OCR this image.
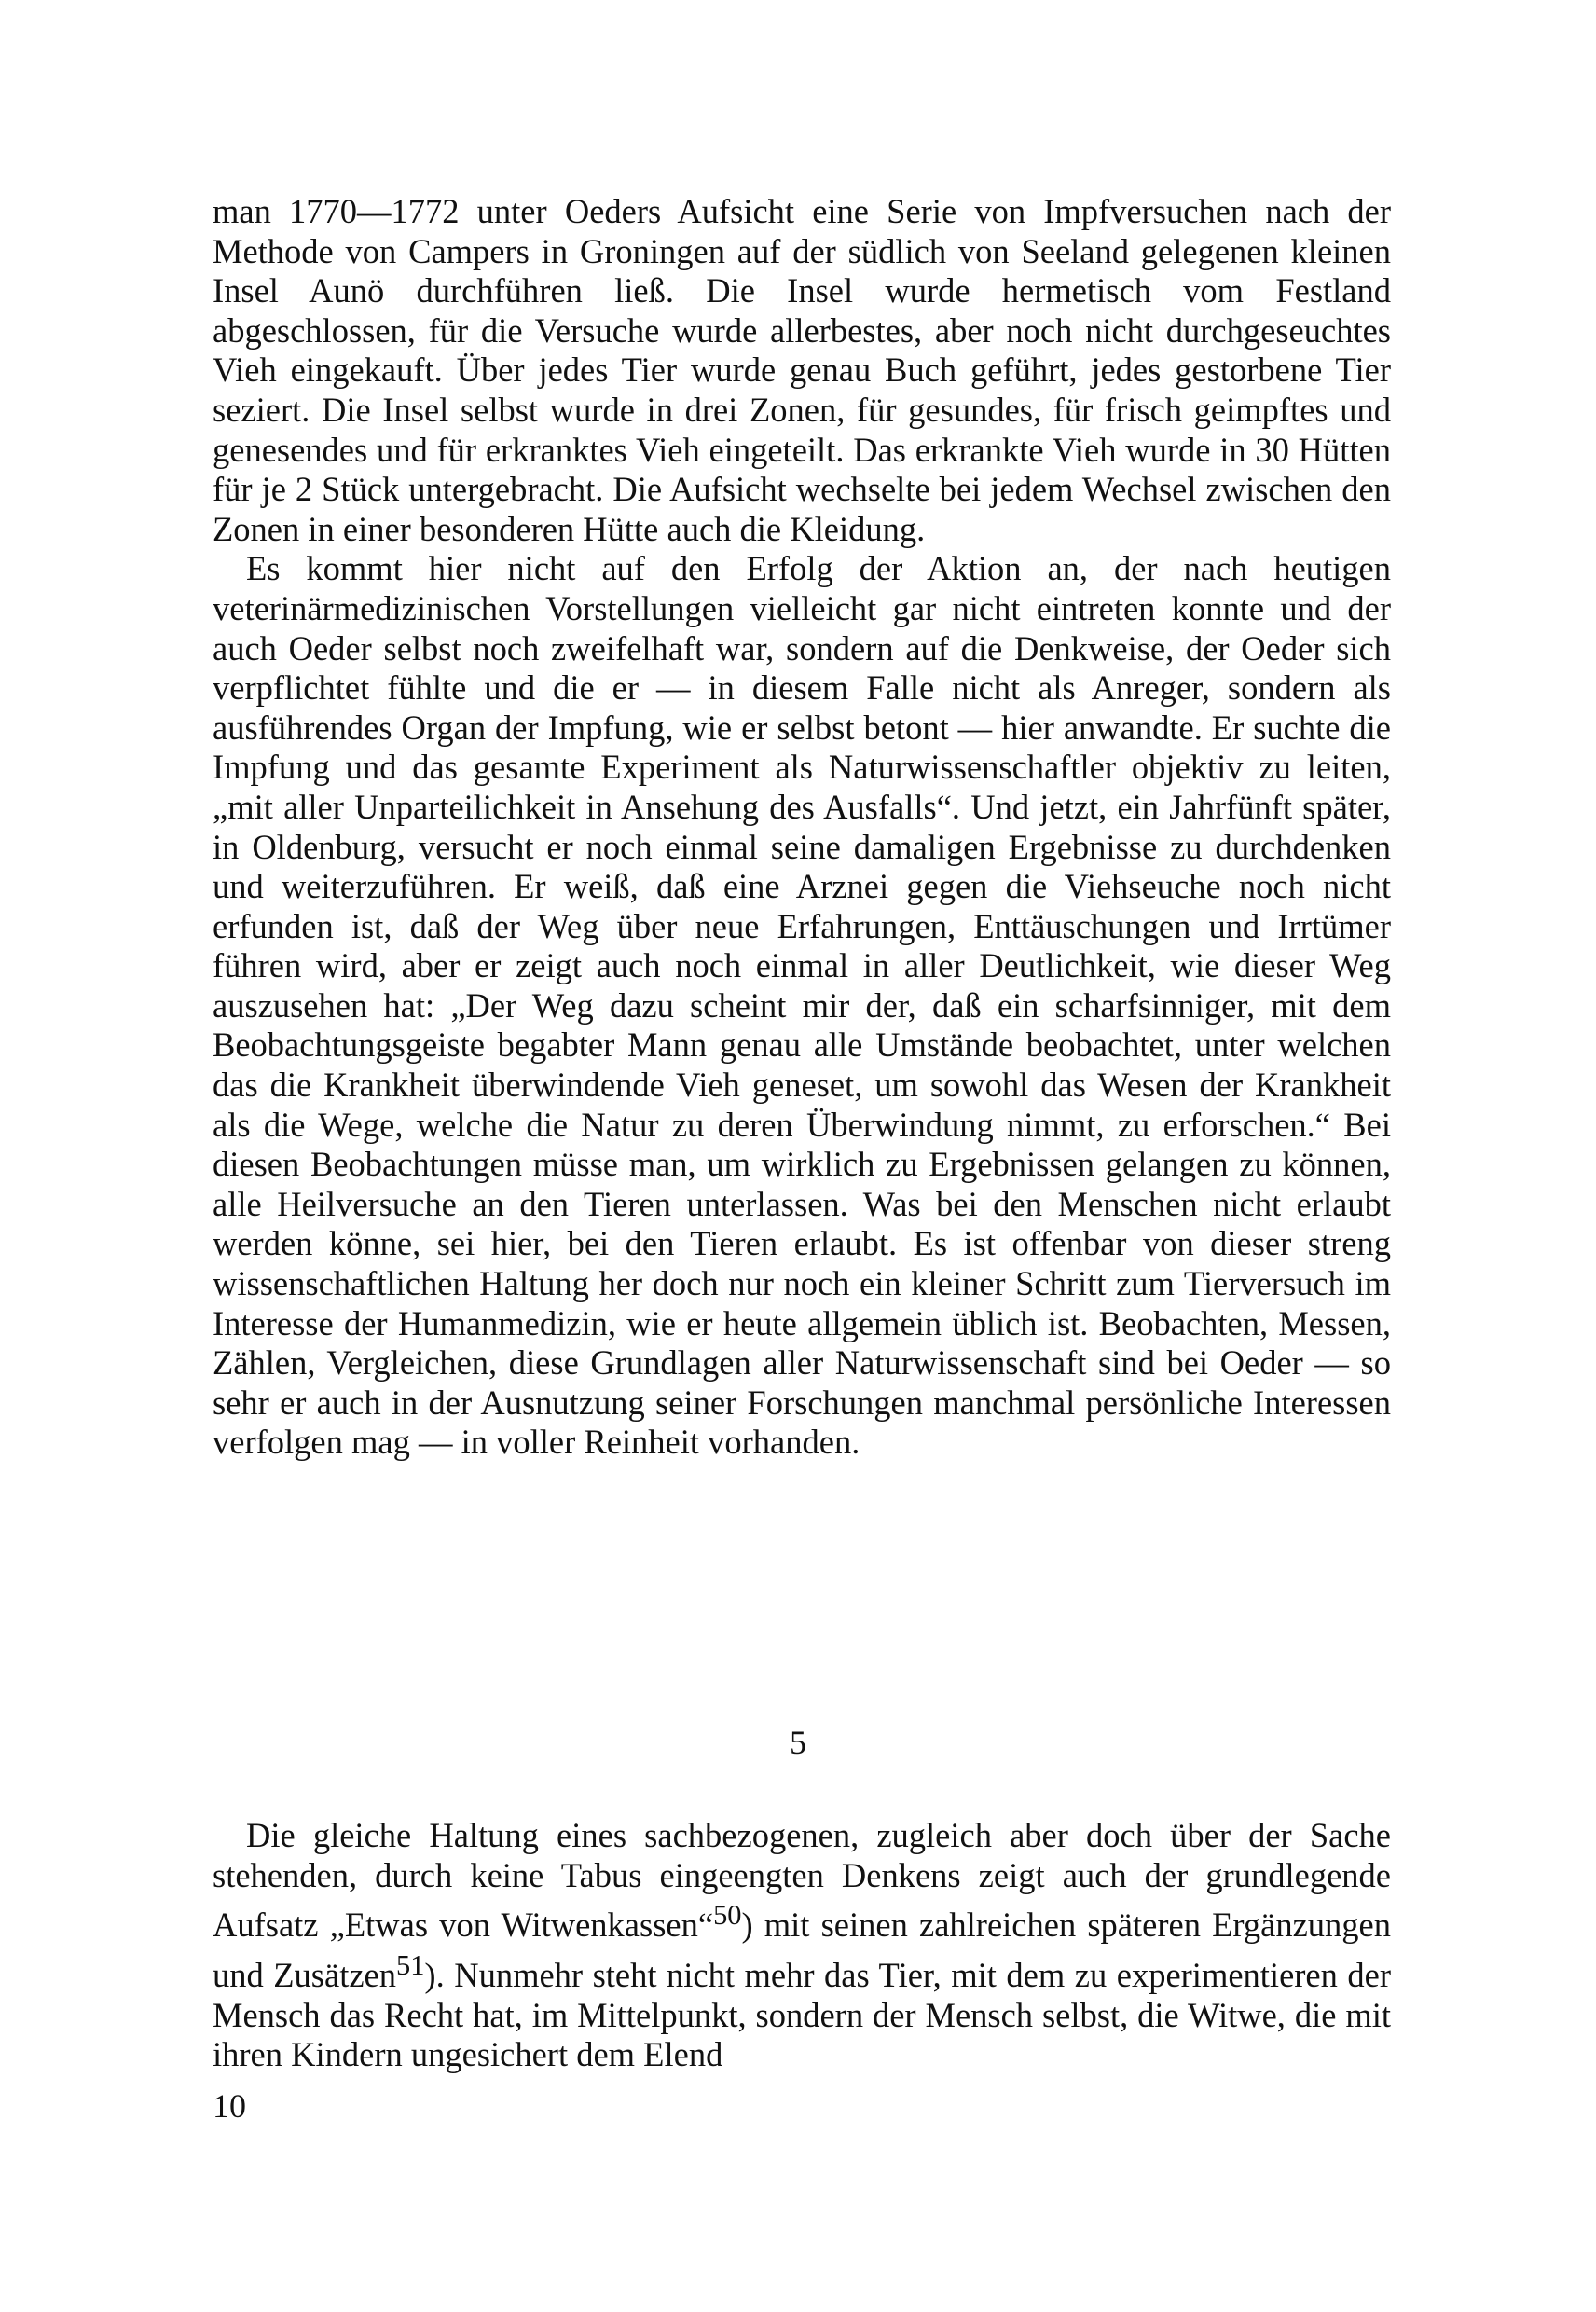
man 1770—1772 unter Oeders Aufsicht eine Serie von Impfversuchen nach der Methode von Campers in Groningen auf der südlich von Seeland gelegenen kleinen Insel Aunö durchführen ließ. Die Insel wurde hermetisch vom Festland abgeschlossen, für die Versuche wurde allerbestes, aber noch nicht durchgeseuchtes Vieh eingekauft. Über jedes Tier wurde genau Buch geführt, jedes gestorbene Tier seziert. Die Insel selbst wurde in drei Zonen, für gesundes, für frisch geimpftes und genesendes und für erkranktes Vieh eingeteilt. Das erkrankte Vieh wurde in 30 Hütten für je 2 Stück untergebracht. Die Aufsicht wechselte bei jedem Wechsel zwischen den Zonen in einer besonderen Hütte auch die Kleidung.

Es kommt hier nicht auf den Erfolg der Aktion an, der nach heutigen veterinärmedizinischen Vorstellungen vielleicht gar nicht eintreten konnte und der auch Oeder selbst noch zweifelhaft war, sondern auf die Denkweise, der Oeder sich verpflichtet fühlte und die er — in diesem Falle nicht als Anreger, sondern als ausführendes Organ der Impfung, wie er selbst betont — hier anwandte. Er suchte die Impfung und das gesamte Experiment als Naturwissenschaftler objektiv zu leiten, „mit aller Unparteilichkeit in Ansehung des Ausfalls“. Und jetzt, ein Jahrfünft später, in Oldenburg, versucht er noch einmal seine damaligen Ergebnisse zu durchdenken und weiterzuführen. Er weiß, daß eine Arznei gegen die Viehseuche noch nicht erfunden ist, daß der Weg über neue Erfahrungen, Enttäuschungen und Irrtümer führen wird, aber er zeigt auch noch einmal in aller Deutlichkeit, wie dieser Weg auszusehen hat: „Der Weg dazu scheint mir der, daß ein scharfsinniger, mit dem Beobachtungsgeiste begabter Mann genau alle Umstände beobachtet, unter welchen das die Krankheit überwindende Vieh geneset, um sowohl das Wesen der Krankheit als die Wege, welche die Natur zu deren Überwindung nimmt, zu erforschen.“ Bei diesen Beobachtungen müsse man, um wirklich zu Ergebnissen gelangen zu können, alle Heilversuche an den Tieren unterlassen. Was bei den Menschen nicht erlaubt werden könne, sei hier, bei den Tieren erlaubt. Es ist offenbar von dieser streng wissenschaftlichen Haltung her doch nur noch ein kleiner Schritt zum Tierversuch im Interesse der Humanmedizin, wie er heute allgemein üblich ist. Beobachten, Messen, Zählen, Vergleichen, diese Grundlagen aller Naturwissenschaft sind bei Oeder — so sehr er auch in der Ausnutzung seiner Forschungen manchmal persönliche Interessen verfolgen mag — in voller Reinheit vorhanden.

5

Die gleiche Haltung eines sachbezogenen, zugleich aber doch über der Sache stehenden, durch keine Tabus eingeengten Denkens zeigt auch der grundlegende Aufsatz „Etwas von Witwenkassen“$^{50}$) mit seinen zahlreichen späteren Ergänzungen und Zusätzen$^{51}$). Nunmehr steht nicht mehr das Tier, mit dem zu experimentieren der Mensch das Recht hat, im Mittelpunkt, sondern der Mensch selbst, die Witwe, die mit ihren Kindern ungesichert dem Elend

10
